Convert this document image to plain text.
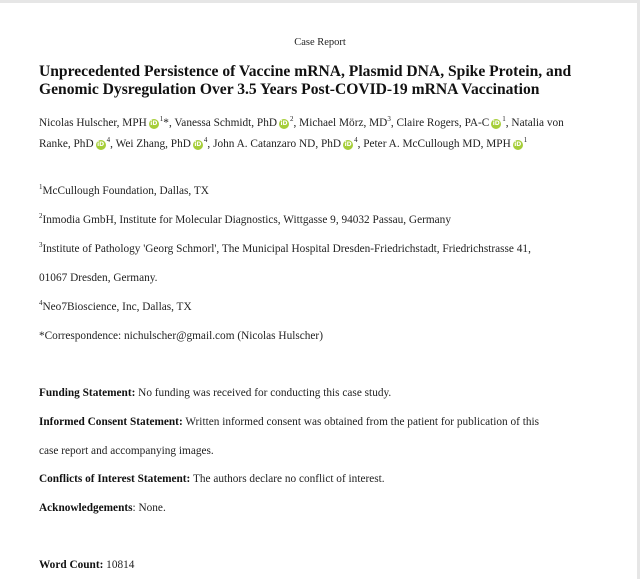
Case Report
Unprecedented Persistence of Vaccine mRNA, Plasmid DNA, Spike Protein, and
Genomic Dysregulation Over 3.5 Years Post-COVID-19 mRNA Vaccination
Nicolas Hulscher, MPH $iD^1*$, Vanessa Schmidt, PhD $iD^2$, Michael Mörz, $MD^3$, Claire Rogers, PA-C $iD^1$, Natalia von
Ranke, PhD $iD^4$, Wei Zhang, PhD $iD^4$, John A. Catanzaro ND, PhD $iD^4$, Peter A. McCullough MD, MPH $iD^1$
$^1$McCullough Foundation, Dallas, TX
$^2$Inmodia GmbH, Institute for Molecular Diagnostics, Wittgasse 9, 94032 Passau, Germany
$^3$Institute of Pathology 'Georg Schmorl', The Municipal Hospital Dresden-Friedrichstadt, Friedrichstrasse 41,
01067 Dresden, Germany.
$^4$Neo7Bioscience, Inc, Dallas, TX
*Correspondence: nichulscher@gmail.com (Nicolas Hulscher)
Funding Statement: No funding was received for conducting this case study.
Informed Consent Statement: Written informed consent was obtained from the patient for publication of this
case report and accompanying images.
Conflicts of Interest Statement: The authors declare no conflict of interest.
Acknowledgements: None.
Word Count: 10814
